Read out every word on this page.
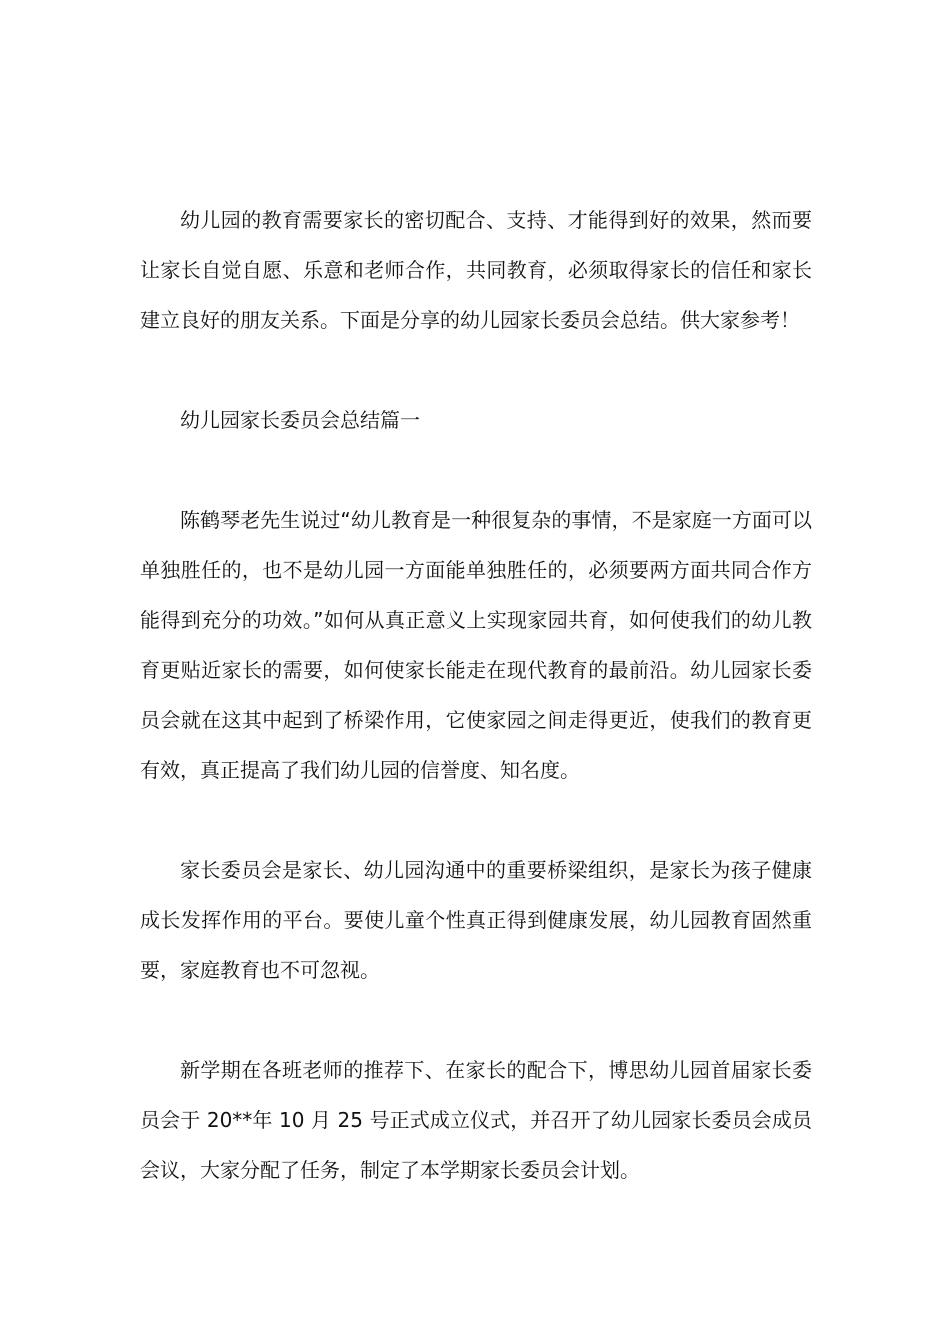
幼儿园的教育需要家长的密切配合、支持、才能得到好的效果，然而要让家长自觉自愿、乐意和老师合作，共同教育，必须取得家长的信任和家长建立良好的朋友关系。下面是分享的幼儿园家长委员会总结。供大家参考！

幼儿园家长委员会总结篇一

陈鹤琴老先生说过“幼儿教育是一种很复杂的事情，不是家庭一方面可以单独胜任的，也不是幼儿园一方面能单独胜任的，必须要两方面共同合作方能得到充分的功效。”如何从真正意义上实现家园共育，如何使我们的幼儿教育更贴近家长的需要，如何使家长能走在现代教育的最前沿。幼儿园家长委员会就在这其中起到了桥梁作用，它使家园之间走得更近，使我们的教育更有效，真正提高了我们幼儿园的信誉度、知名度。

家长委员会是家长、幼儿园沟通中的重要桥梁组织，是家长为孩子健康成长发挥作用的平台。要使儿童个性真正得到健康发展，幼儿园教育固然重要，家庭教育也不可忽视。

新学期在各班老师的推荐下、在家长的配合下，博思幼儿园首届家长委员会于 20**年 10 月 25 号正式成立仪式，并召开了幼儿园家长委员会成员会议，大家分配了任务，制定了本学期家长委员会计划。
